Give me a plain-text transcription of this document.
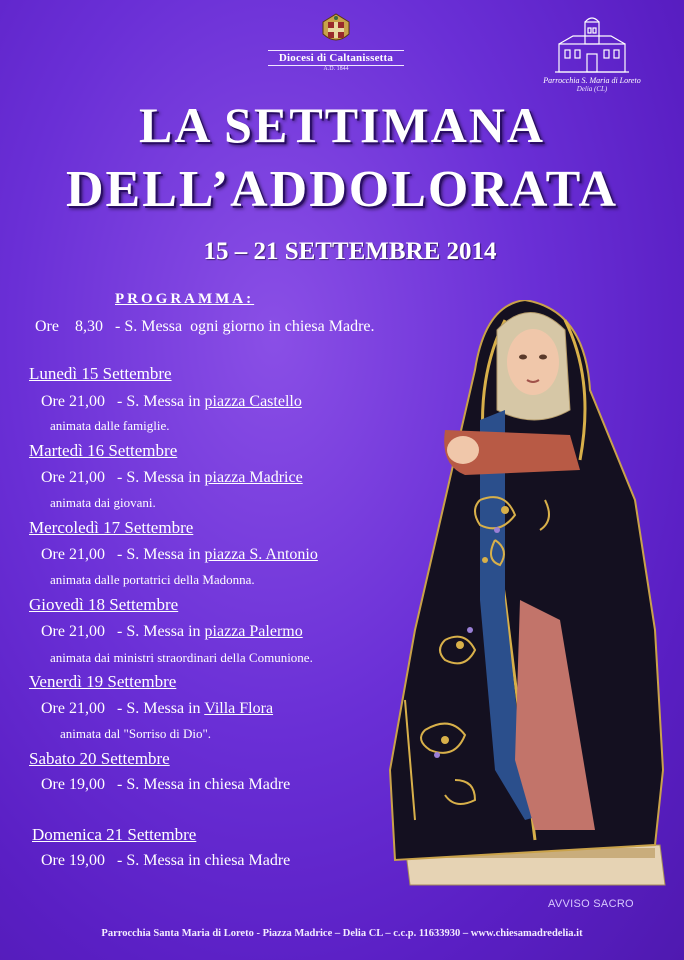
Diocesi di Caltanissetta
A.D. 1844
Parrocchia S. Maria di Loreto
Delia (CL)
LA SETTIMANA
DELL’ADDOLORATA
15 – 21 SETTEMBRE 2014
PROGRAMMA:
Ore    8,30   - S. Messa  ogni giorno in chiesa Madre.
Lunedì 15 Settembre
Ore 21,00 - S. Messa in piazza Castello
animata dalle famiglie.
Martedì 16 Settembre
Ore 21,00 - S. Messa in piazza Madrice
animata dai giovani.
Mercoledì 17 Settembre
Ore 21,00 - S. Messa in piazza S. Antonio
animata dalle portatrici della Madonna.
Giovedì 18 Settembre
Ore 21,00 - S. Messa in piazza Palermo
animata dai ministri straordinari della Comunione.
Venerdì 19 Settembre
Ore 21,00 - S. Messa in Villa Flora
animata dal "Sorriso di Dio".
Sabato 20 Settembre
Ore 19,00 - S. Messa in chiesa Madre
Domenica 21 Settembre
Ore 19,00 - S. Messa in chiesa Madre
AVVISO SACRO
Parrocchia Santa Maria di Loreto - Piazza Madrice – Delia CL – c.c.p. 11633930 – www.chiesamadredelia.it
